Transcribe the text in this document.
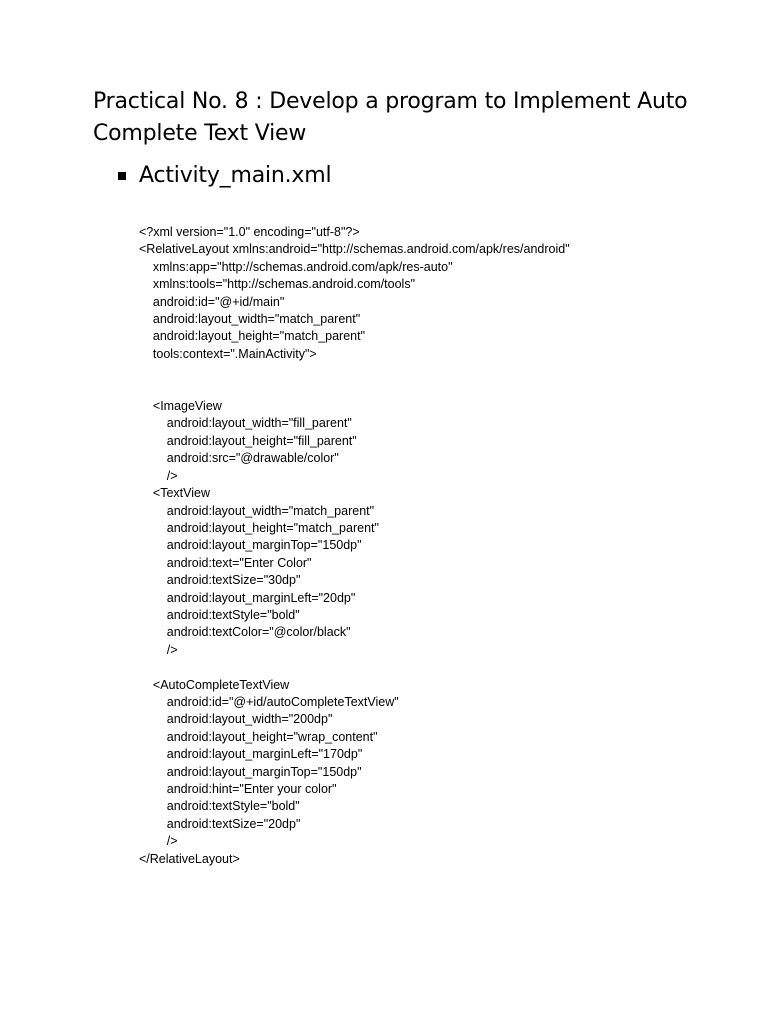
Practical No. 8 : Develop a program to Implement Auto Complete Text View
Activity_main.xml
<?xml version="1.0" encoding="utf-8"?>
<RelativeLayout xmlns:android="http://schemas.android.com/apk/res/android"
xmlns:app="http://schemas.android.com/apk/res-auto"
xmlns:tools="http://schemas.android.com/tools"
android:id="@+id/main"
android:layout_width="match_parent"
android:layout_height="match_parent"
tools:context=".MainActivity">
<ImageView
android:layout_width="fill_parent"
android:layout_height="fill_parent"
android:src="@drawable/color"
/>
<TextView
android:layout_width="match_parent"
android:layout_height="match_parent"
android:layout_marginTop="150dp"
android:text="Enter Color"
android:textSize="30dp"
android:layout_marginLeft="20dp"
android:textStyle="bold"
android:textColor="@color/black"
/>
<AutoCompleteTextView
android:id="@+id/autoCompleteTextView"
android:layout_width="200dp"
android:layout_height="wrap_content"
android:layout_marginLeft="170dp"
android:layout_marginTop="150dp"
android:hint="Enter your color"
android:textStyle="bold"
android:textSize="20dp"
/>
</RelativeLayout>
